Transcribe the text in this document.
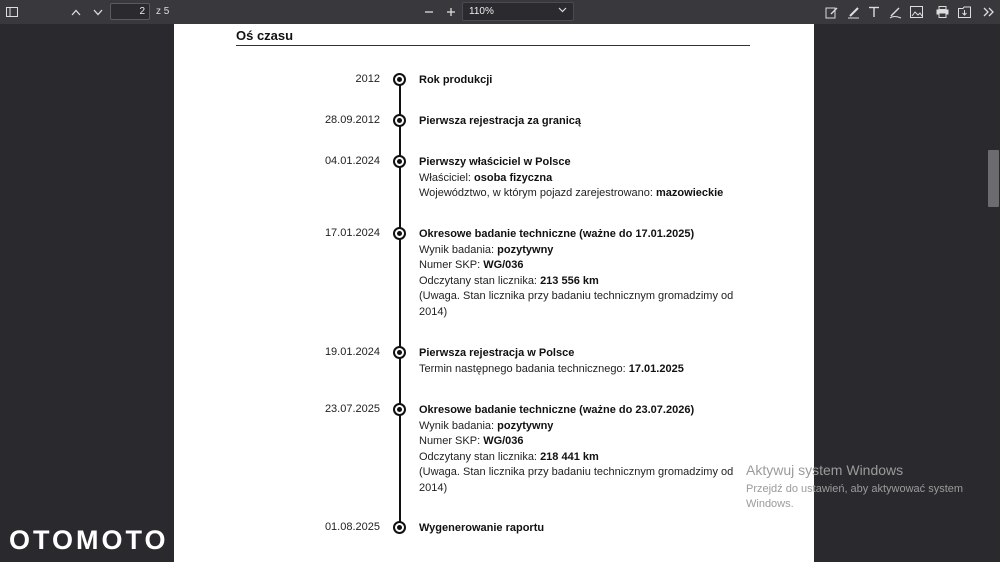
2
z 5	110%
Oś czasu
2012	Rok produkcji
28.09.2012	Pierwsza rejestracja za granicą
04.01.2024	Pierwszy właściciel w Polsce
Właściciel: osoba fizyczna
Województwo, w którym pojazd zarejestrowano: mazowieckie
17.01.2024	Okresowe badanie techniczne (ważne do 17.01.2025)
Wynik badania: pozytywny
Numer SKP: WG/036
Odczytany stan licznika: 213 556 km
(Uwaga. Stan licznika przy badaniu technicznym gromadzimy od 2014)
19.01.2024	Pierwsza rejestracja w Polsce
Termin następnego badania technicznego: 17.01.2025
23.07.2025	Okresowe badanie techniczne (ważne do 23.07.2026)
Wynik badania: pozytywny
Numer SKP: WG/036
Odczytany stan licznika: 218 441 km
(Uwaga. Stan licznika przy badaniu technicznym gromadzimy od 2014)
01.08.2025	Wygenerowanie raportu
Aktywuj system Windows
Przejdź do ustawień, aby aktywować system Windows.
OTOMOTO
